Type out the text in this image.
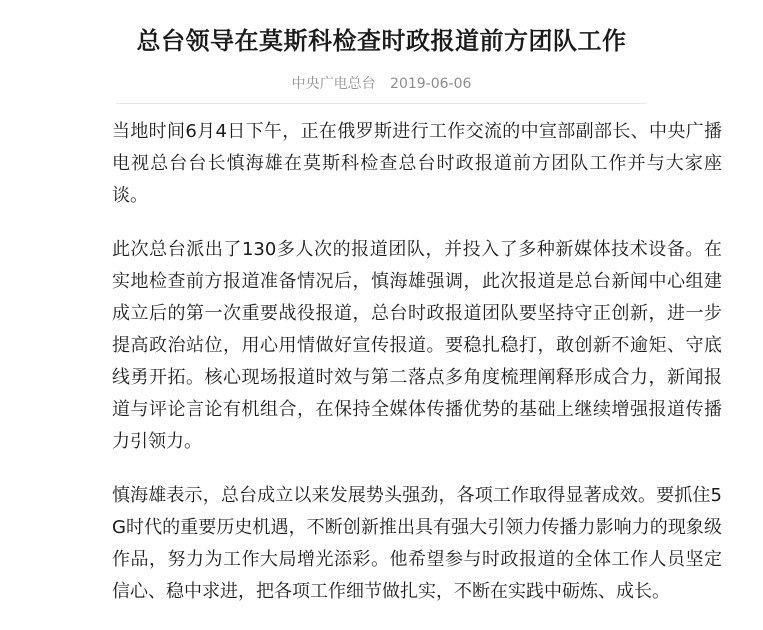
总台领导在莫斯科检查时政报道前方团队工作
中央广电总台 2019-06-06

当地时间6月4日下午，正在俄罗斯进行工作交流的中宣部副部长、中央广播电视总台台长慎海雄在莫斯科检查总台时政报道前方团队工作并与大家座谈。

此次总台派出了130多人次的报道团队，并投入了多种新媒体技术设备。在实地检查前方报道准备情况后，慎海雄强调，此次报道是总台新闻中心组建成立后的第一次重要战役报道，总台时政报道团队要坚持守正创新，进一步提高政治站位，用心用情做好宣传报道。要稳扎稳打，敢创新不逾矩、守底线勇开拓。核心现场报道时效与第二落点多角度梳理阐释形成合力，新闻报道与评论言论有机组合，在保持全媒体传播优势的基础上继续增强报道传播力引领力。

慎海雄表示，总台成立以来发展势头强劲，各项工作取得显著成效。要抓住5G时代的重要历史机遇，不断创新推出具有强大引领力传播力影响力的现象级作品，努力为工作大局增光添彩。他希望参与时政报道的全体工作人员坚定信心、稳中求进，把各项工作细节做扎实，不断在实践中砺炼、成长。
